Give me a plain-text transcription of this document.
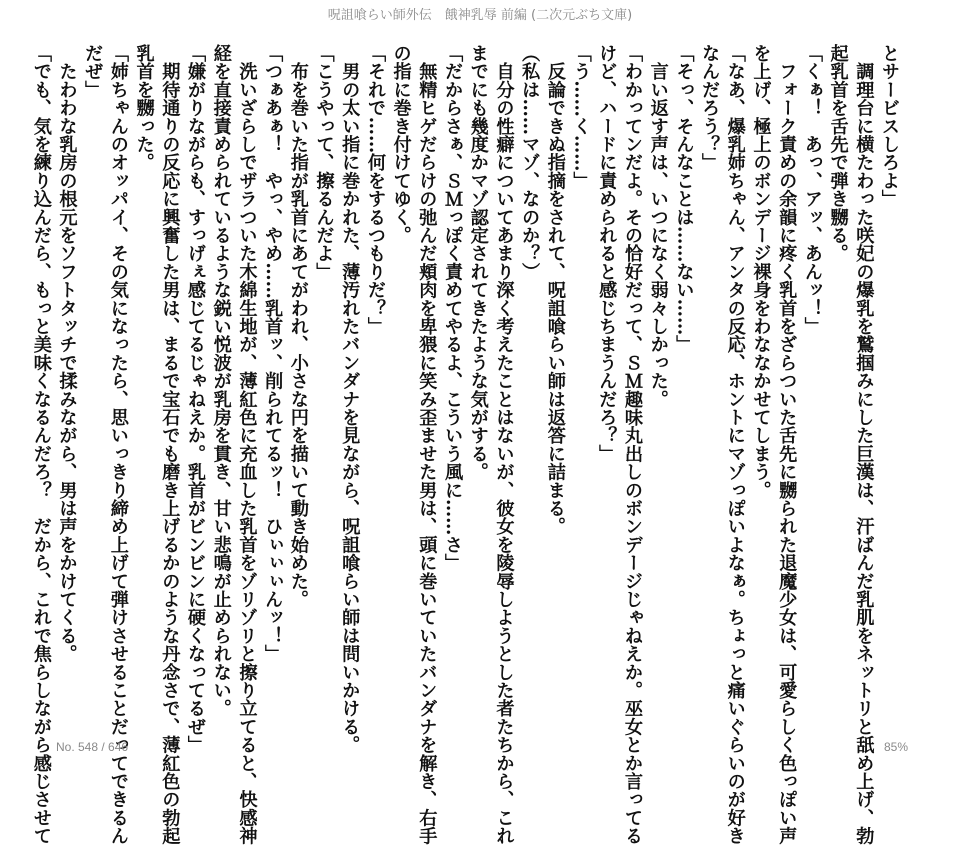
呪詛喰らい師外伝　餓神乳辱 前編 (二次元ぶち文庫)
とサービスしろよ」
　調理台に横たわった咲妃の爆乳を鷲掴みにした巨漢は、汗ばんだ乳肌をネットリと舐め上げ、勃
起乳首を舌先で弾き嬲る。
「くぁ！　あっ、アッ、あんッ！」
　フォーク責めの余韻に疼く乳首をざらついた舌先に嬲られた退魔少女は、可愛らしく色っぽい声
を上げ、極上のボンデージ裸身をわななかせてしまう。
「なあ、爆乳姉ちゃん、アンタの反応、ホントにマゾっぽいよなぁ。ちょっと痛いぐらいのが好き
なんだろう？」
「そっ、そんなことは……ない……」
　言い返す声は、いつになく弱々しかった。
「わかってンだよ。その恰好だって、ＳＭ趣味丸出しのボンデージじゃねえか。巫女とか言ってる
けど、ハードに責められると感じちまうんだろ？」
「う……く……」
　反論できぬ指摘をされて、呪詛喰らい師は返答に詰まる。
（私は……マゾ、なのか？）
　自分の性癖についてあまり深く考えたことはないが、彼女を陵辱しようとした者たちから、これ
までにも幾度かマゾ認定されてきたような気がする。
「だからさぁ、ＳＭっぽく責めてやるよ、こういう風に……さ」
　無精ヒゲだらけの弛んだ頬肉を卑猥に笑み歪ませた男は、頭に巻いていたバンダナを解き、右手
の指に巻き付けてゆく。
「それで……何をするつもりだ？」
　男の太い指に巻かれた、薄汚れたバンダナを見ながら、呪詛喰らい師は問いかける。
「こうやって、擦るんだよ」
　布を巻いた指が乳首にあてがわれ、小さな円を描いて動き始めた。
「つぁあぁ！　やっ、やめ……乳首ッ、削られてるッ！　ひぃぃぃんッ！」
　洗いざらしでザラついた木綿生地が、薄紅色に充血した乳首をゾリゾリと擦り立てると、快感神
経を直接責められているような鋭い悦波が乳房を貫き、甘い悲鳴が止められない。
「嫌がりながらも、すっげぇ感じてるじゃねえか。乳首がビンビンに硬くなってるぜ」
　期待通りの反応に興奮した男は、まるで宝石でも磨き上げるかのような丹念さで、薄紅色の勃起
乳首を嬲った。
「姉ちゃんのオッパイ、その気になったら、思いっきり締め上げて弾けさせることだってできるん
だぜ」
　たわわな乳房の根元をソフトタッチで揉みながら、男は声をかけてくる。
「でも、気を練り込んだら、もっと美味くなるんだろ？　だから、これで焦らしながら感じさせて No. 548 / 646	85%
